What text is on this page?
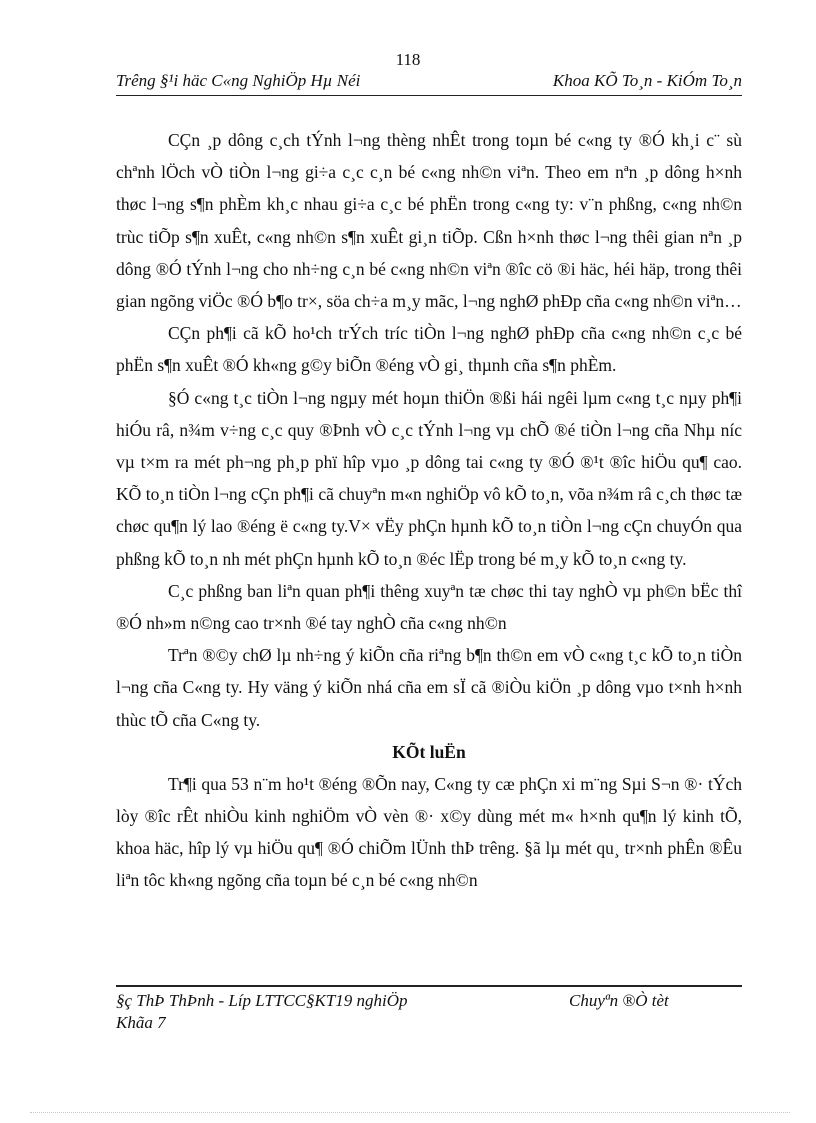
118
Trêng §¹i häc C«ng NghiÖp Hµ Néi	Khoa KÕ To¸n - KiÓm To¸n

CÇn ¸p dông c¸ch tÝnh l¬ng thèng nhÊt trong toµn bé c«ng ty ®Ó kh¸i c¨ sù chªnh lÖch vÒ tiÒn l¬ng gi÷a c¸c c¸n bé c«ng nh©n viªn. Theo em nªn ¸p dông h×nh thøc l¬ng s¶n phÈm kh¸c nhau gi÷a c¸c bé phËn trong c«ng ty: v¨n phßng, c«ng nh©n trùc tiÕp s¶n xuÊt, c«ng nh©n s¶n xuÊt gi¸n tiÕp. Cßn h×nh thøc l¬ng thêi gian nªn ¸p dông ®Ó tÝnh l¬ng cho nh÷ng c¸n bé c«ng nh©n viªn ®îc cö ®i häc, héi häp, trong thêi gian ngõng viÖc ®Ó b¶o tr×, söa ch÷a m¸y mãc, l¬ng nghØ phÐp cña c«ng nh©n viªn…

CÇn ph¶i cã kÕ ho¹ch trÝch tríc tiÒn l¬ng nghØ phÐp cña c«ng nh©n c¸c bé phËn s¶n xuÊt ®Ó kh«ng g©y biÕn ®éng vÒ gi¸ thµnh cña s¶n phÈm.

§Ó c«ng t¸c tiÒn l¬ng ngµy mét hoµn thiÖn ®ßi hái ngêi lµm c«ng t¸c nµy ph¶i hiÓu râ, n¾m v÷ng c¸c quy ®Þnh vÒ c¸c tÝnh l¬ng vµ chÕ ®é tiÒn l¬ng cña Nhµ níc vµ t×m ra mét ph¬ng ph¸p phï hîp vµo ¸p dông tai c«ng ty ®Ó ®¹t ®îc hiÖu qu¶ cao. KÕ to¸n tiÒn l¬ng cÇn ph¶i cã chuyªn m«n nghiÖp vô kÕ to¸n, võa n¾m râ c¸ch thøc tæ chøc qu¶n lý lao ®éng ë c«ng ty.V× vËy phÇn hµnh kÕ to¸n tiÒn l¬ng cÇn chuyÓn qua phßng kÕ to¸n nh mét phÇn hµnh kÕ to¸n ®éc lËp trong bé m¸y kÕ to¸n c«ng ty.

C¸c phßng ban liªn quan ph¶i thêng xuyªn tæ chøc thi tay nghÒ vµ ph©n bËc thî ®Ó nh»m n©ng cao tr×nh ®é tay nghÒ cña c«ng nh©n

Trªn ®©y chØ lµ nh÷ng ý kiÕn cña riªng b¶n th©n em vÒ c«ng t¸c kÕ to¸n tiÒn l¬ng cña C«ng ty. Hy väng ý kiÕn nhá cña em sÏ cã ®iÒu kiÖn ¸p dông vµo t×nh h×nh thùc tÕ cña C«ng ty.

KÕt luËn

Tr¶i qua 53 n¨m ho¹t ®éng ®Õn nay, C«ng ty cæ phÇn xi m¨ng Sµi S¬n ®· tÝch lòy ®îc rÊt nhiÒu kinh nghiÖm vÒ vèn ®· x©y dùng mét m« h×nh qu¶n lý kinh tÕ, khoa häc, hîp lý vµ hiÖu qu¶ ®Ó chiÕm lÜnh thÞ trêng. §ã lµ mét qu¸ tr×nh phÊn ®Êu liªn tôc kh«ng ngõng cña toµn bé c¸n bé c«ng nh©n

§ç ThÞ ThÞnh - Líp LTTCC§KT19 nghiÖp Khãa 7
Chuyªn ®Ò tèt
